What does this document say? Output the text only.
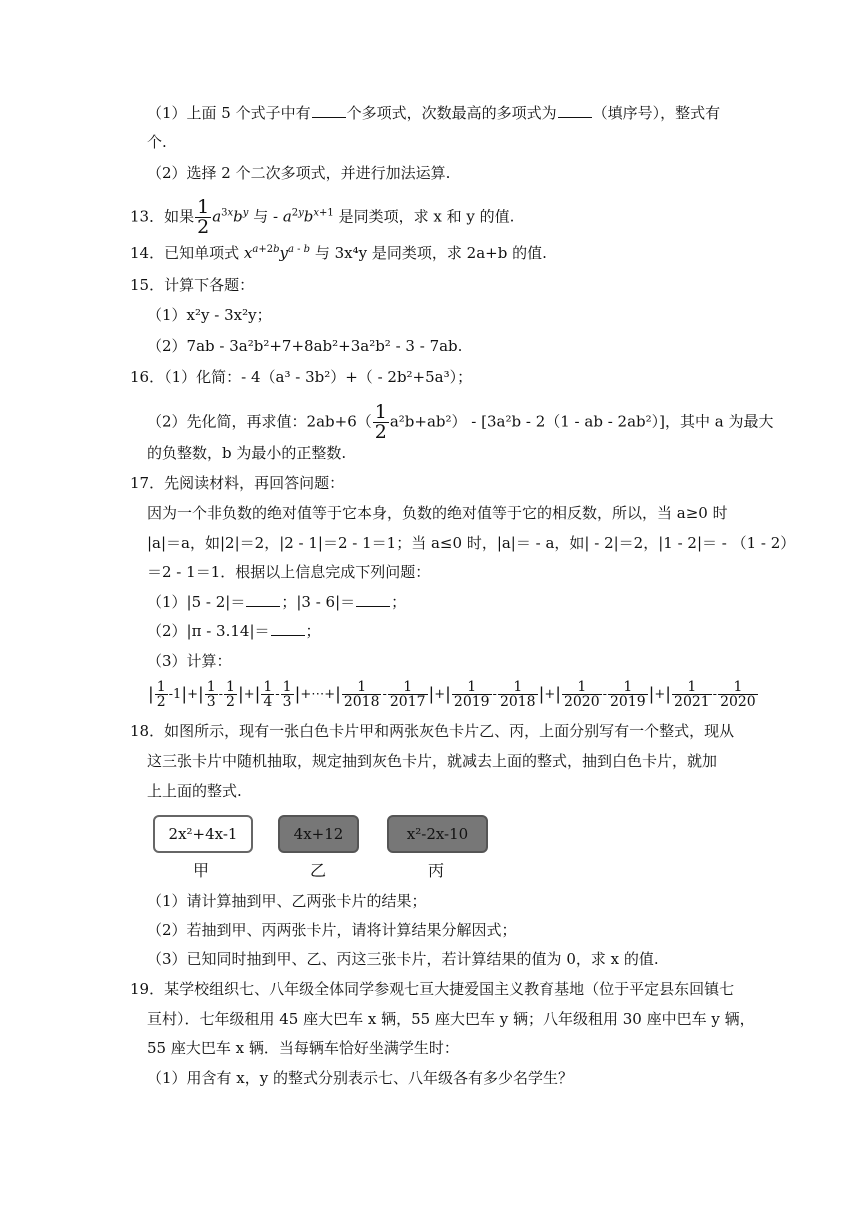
（1）上面 5 个式子中有 个多项式，次数最高的多项式为 （填序号），整式有
个.
（2）选择 2 个二次多项式，并进行加法运算.
13．如果 $\frac{1}{2} a^{3x}b^y$ 与 - $a^{2y}b^{x+1}$ 是同类项，求 x 和 y 的值.
14．已知单项式 $x^{a+2b}y^{a - b}$ 与 3x⁴y 是同类项，求 2a+b 的值.
15．计算下各题：
（1）x²y - 3x²y；
（2）7ab - 3a²b²+7+8ab²+3a²b² - 3 - 7ab.
16．（1）化简：- 4（a³ - 3b²）+（ - 2b²+5a³）；
（2）先化简，再求值：$2ab+6( \frac{1}{2} a^2b+ab^2) - [3a^2b - 2(1$ - ab - 2ab²）]，其中 a 为最大
的负整数，b 为最小的正整数.
17．先阅读材料，再回答问题：
因为一个非负数的绝对值等于它本身，负数的绝对值等于它的相反数，所以，当 a≥0 时
|a|＝a，如|2|＝2，|2 - 1|＝2 - 1＝1；当 a≤0 时，|a|＝ - a，如| - 2|＝2，|1 - 2|＝ - （1 - 2）
＝2 - 1＝1．根据以上信息完成下列问题：
（1）|5 - 2|＝ ；|3 - 6|＝ ；
（2）|π - 3.14|＝ ；
（3）计算：
| $\frac{1}{2} -1|+| \frac{1}{3} - \frac{1}{2}$ |+| $\frac{1}{4} - \frac{1}{3}$ |+⋯+| $\frac{1}{2018} - \frac{1}{2017}$ |+| $\frac{1}{2019} - \frac{1}{2018}$ |+| $\frac{1}{2020} - \frac{1}{2019}$ |+| $\frac{1}{2021} - \frac{1}{2020}$
18．如图所示，现有一张白色卡片甲和两张灰色卡片乙、丙，上面分别写有一个整式，现从
这三张卡片中随机抽取，规定抽到灰色卡片，就减去上面的整式，抽到白色卡片，就加
上上面的整式.
2x²+4x-1	4x+12	x²-2x-10
甲	乙	丙
（1）请计算抽到甲、乙两张卡片的结果；
（2）若抽到甲、丙两张卡片，请将计算结果分解因式；
（3）已知同时抽到甲、乙、丙这三张卡片，若计算结果的值为 0，求 x 的值.
19．某学校组织七、八年级全体同学参观七亘大捷爱国主义教育基地（位于平定县东回镇七
亘村）．七年级租用 45 座大巴车 x 辆，55 座大巴车 y 辆；八年级租用 30 座中巴车 y 辆，
55 座大巴车 x 辆．当每辆车恰好坐满学生时：
（1）用含有 x，y 的整式分别表示七、八年级各有多少名学生？
